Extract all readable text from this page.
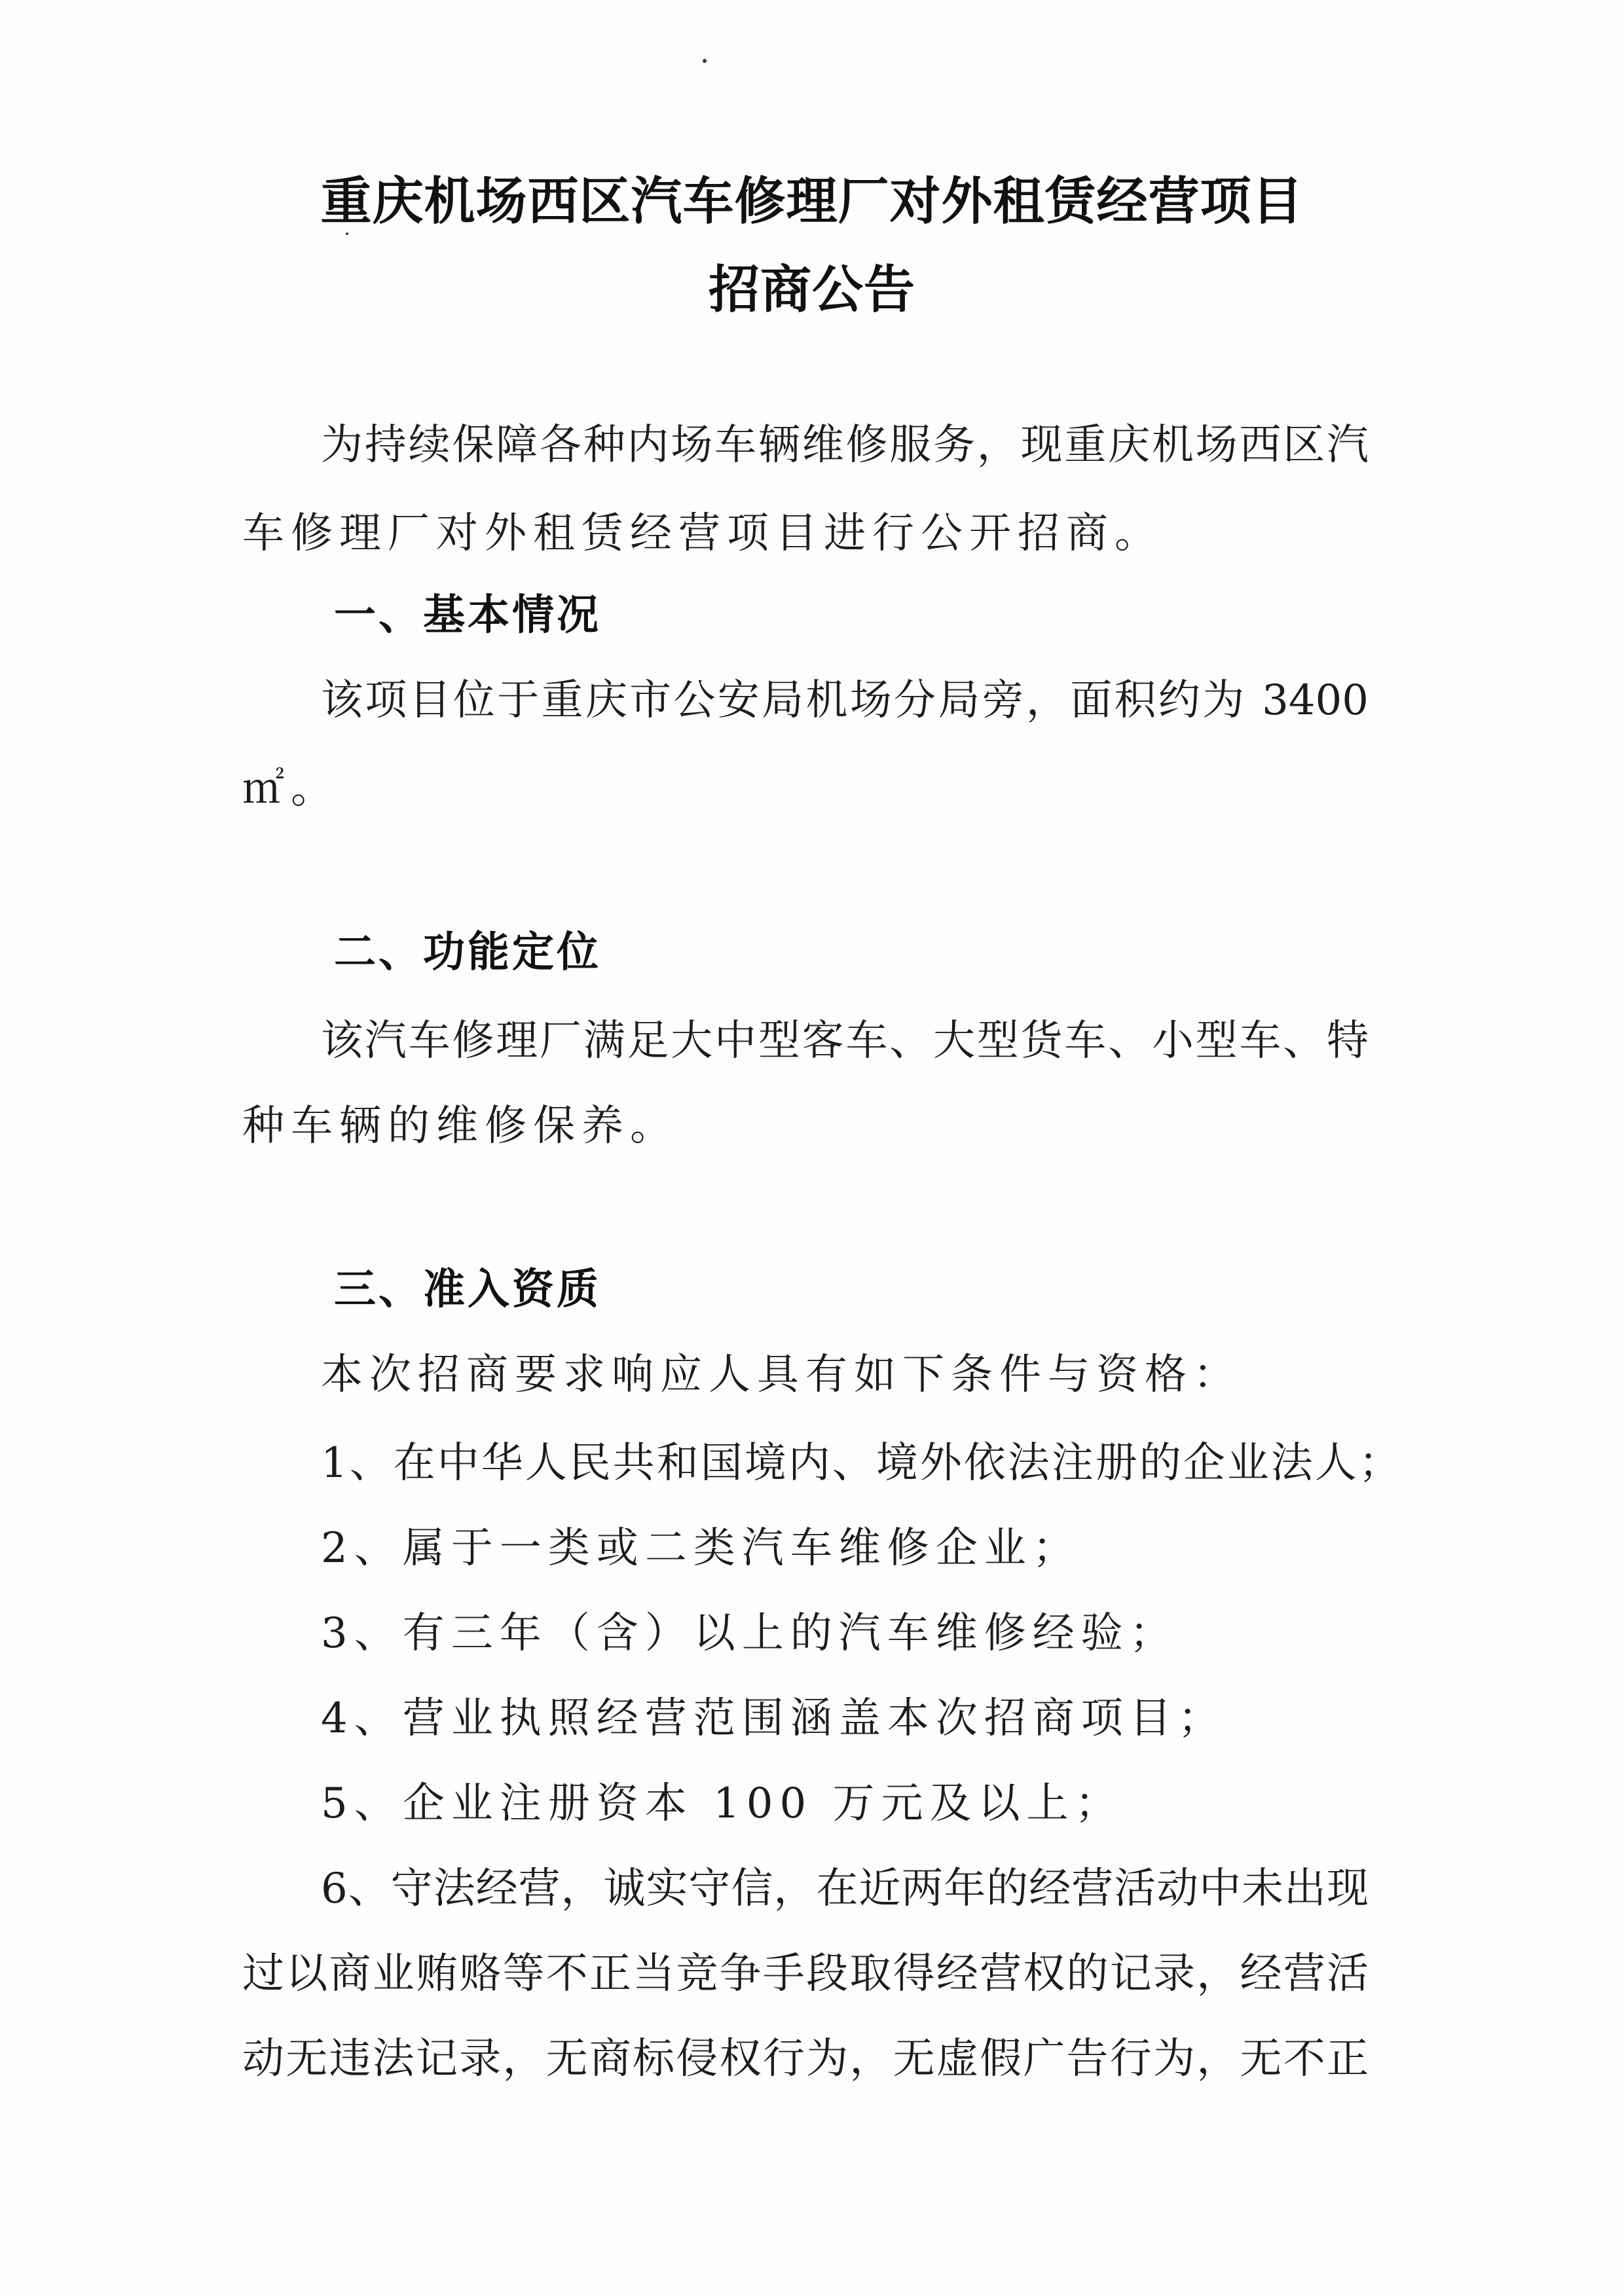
重庆机场西区汽车修理厂对外租赁经营项目
招商公告
为持续保障各种内场车辆维修服务，现重庆机场西区汽
车修理厂对外租赁经营项目进行公开招商。
一、基本情况
该项目位于重庆市公安局机场分局旁，面积约为 3400
㎡。
二、功能定位
该汽车修理厂满足大中型客车、大型货车、小型车、特
种车辆的维修保养。
三、准入资质
本次招商要求响应人具有如下条件与资格：
1、在中华人民共和国境内、境外依法注册的企业法人；
2、属于一类或二类汽车维修企业；
3、有三年（含）以上的汽车维修经验；
4、营业执照经营范围涵盖本次招商项目；
5、企业注册资本 100 万元及以上；
6、守法经营，诚实守信，在近两年的经营活动中未出现
过以商业贿赂等不正当竞争手段取得经营权的记录，经营活
动无违法记录，无商标侵权行为，无虚假广告行为，无不正
